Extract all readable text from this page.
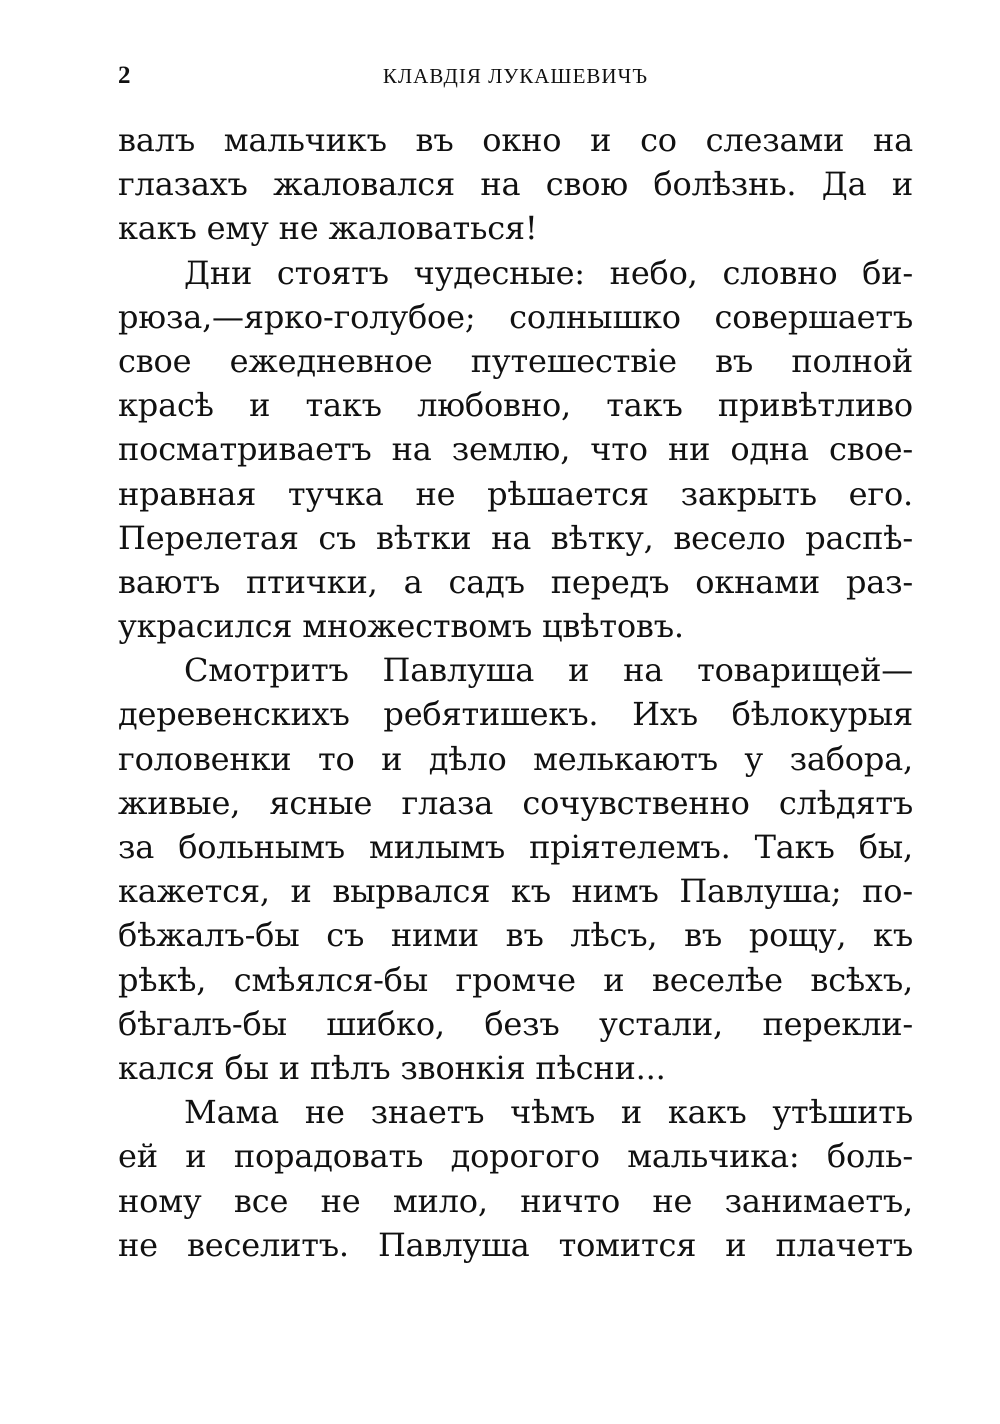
2	КЛАВДІЯ ЛУКАШЕВИЧЪ
валъ мальчикъ въ окно и со слезами на
глазахъ жаловался на свою болѣзнь. Да и
какъ ему не жаловаться!
Дни стоятъ чудесные: небо, словно би-
рюза,—ярко-голубое; солнышко совершаетъ
свое ежедневное путешествіе въ полной
красѣ и такъ любовно, такъ привѣтливо
посматриваетъ на землю, что ни одна свое-
нравная тучка не рѣшается закрыть его.
Перелетая съ вѣтки на вѣтку, весело распѣ-
ваютъ птички, а садъ передъ окнами раз-
украсился множествомъ цвѣтовъ.
Смотритъ Павлуша и на товарищей—
деревенскихъ ребятишекъ. Ихъ бѣлокурыя
головенки то и дѣло мелькаютъ у забора,
живые, ясные глаза сочувственно слѣдятъ
за больнымъ милымъ пріятелемъ. Такъ бы,
кажется, и вырвался къ нимъ Павлуша; по-
бѣжалъ-бы съ ними въ лѣсъ, въ рощу, къ
рѣкѣ, смѣялся-бы громче и веселѣе всѣхъ,
бѣгалъ-бы шибко, безъ устали, перекли-
кался бы и пѣлъ звонкія пѣсни...
Мама не знаетъ чѣмъ и какъ утѣшить
ей и порадовать дорогого мальчика: боль-
ному все не мило, ничто не занимаетъ,
не веселитъ. Павлуша томится и плачетъ
